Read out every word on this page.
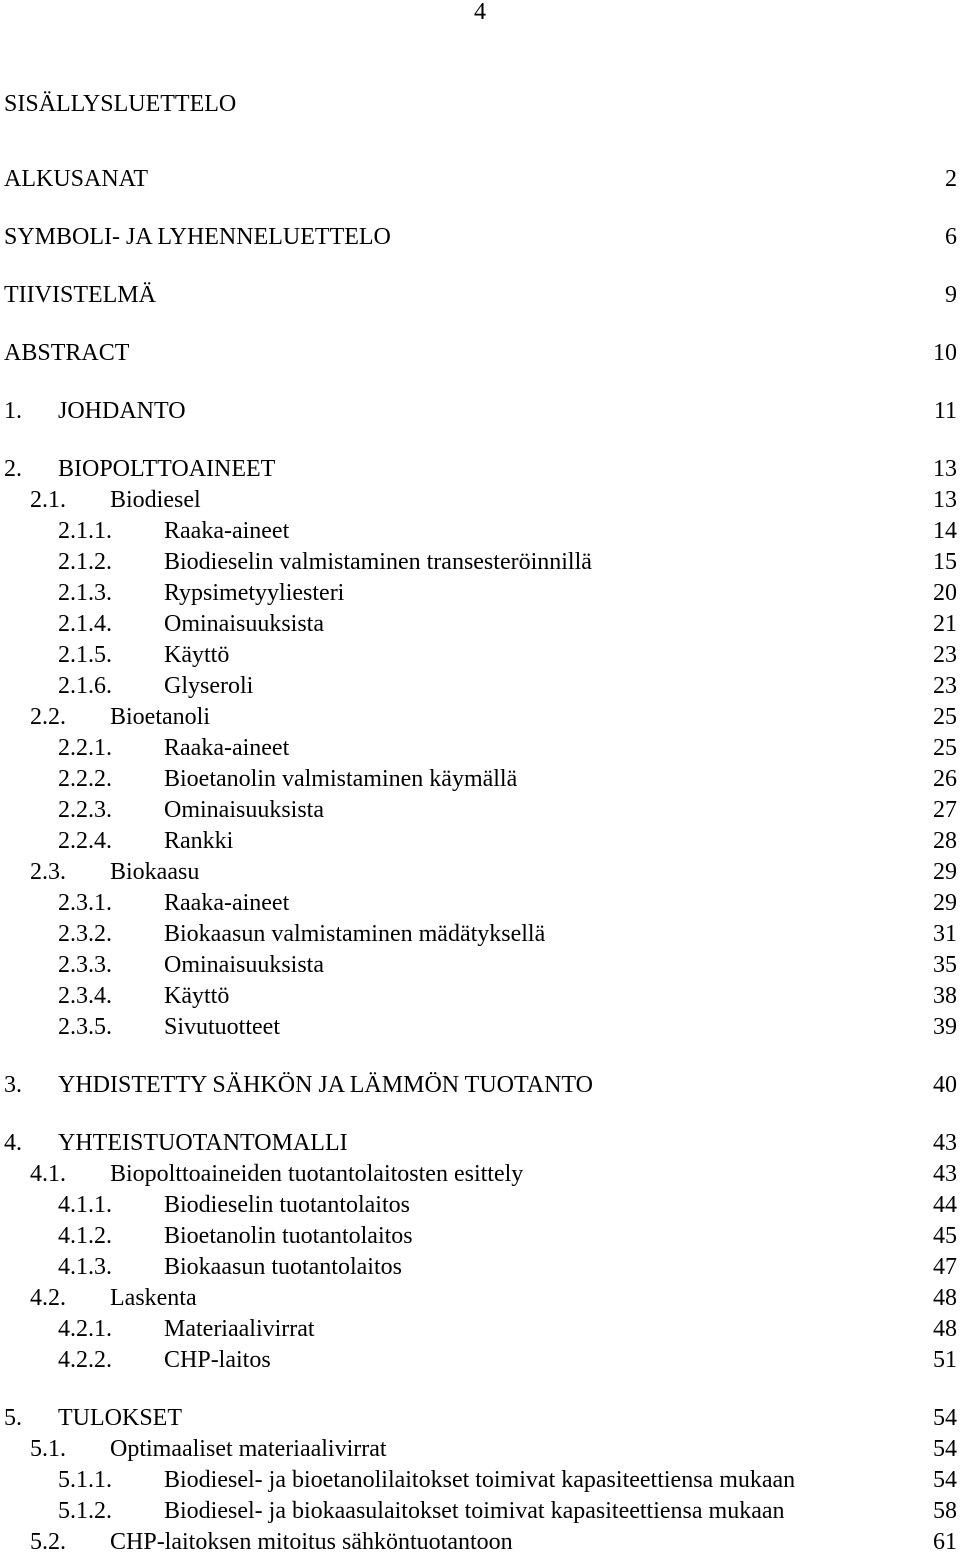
4
SISÄLLYSLUETTELO
ALKUSANAT	2
SYMBOLI- JA LYHENNELUETTELO	6
TIIVISTELMÄ	9
ABSTRACT	10
1. JOHDANTO	11
2. BIOPOLTTOAINEET	13
2.1. Biodiesel	13
2.1.1. Raaka-aineet	14
2.1.2. Biodieselin valmistaminen transesteröinnillä	15
2.1.3. Rypsimetyyliesteri	20
2.1.4. Ominaisuuksista	21
2.1.5. Käyttö	23
2.1.6. Glyseroli	23
2.2. Bioetanoli	25
2.2.1. Raaka-aineet	25
2.2.2. Bioetanolin valmistaminen käymällä	26
2.2.3. Ominaisuuksista	27
2.2.4. Rankki	28
2.3. Biokaasu	29
2.3.1. Raaka-aineet	29
2.3.2. Biokaasun valmistaminen mädätyksellä	31
2.3.3. Ominaisuuksista	35
2.3.4. Käyttö	38
2.3.5. Sivutuotteet	39
3. YHDISTETTY SÄHKÖN JA LÄMMÖN TUOTANTO	40
4. YHTEISTUOTANTOMALLI	43
4.1. Biopolttoaineiden tuotantolaitosten esittely	43
4.1.1. Biodieselin tuotantolaitos	44
4.1.2. Bioetanolin tuotantolaitos	45
4.1.3. Biokaasun tuotantolaitos	47
4.2. Laskenta	48
4.2.1. Materiaalivirrat	48
4.2.2. CHP-laitos	51
5. TULOKSET	54
5.1. Optimaaliset materiaalivirrat	54
5.1.1. Biodiesel- ja bioetanolilaitokset toimivat kapasiteettiensa mukaan	54
5.1.2. Biodiesel- ja biokaasulaitokset toimivat kapasiteettiensa mukaan	58
5.2. CHP-laitoksen mitoitus sähköntuotantoon	61
